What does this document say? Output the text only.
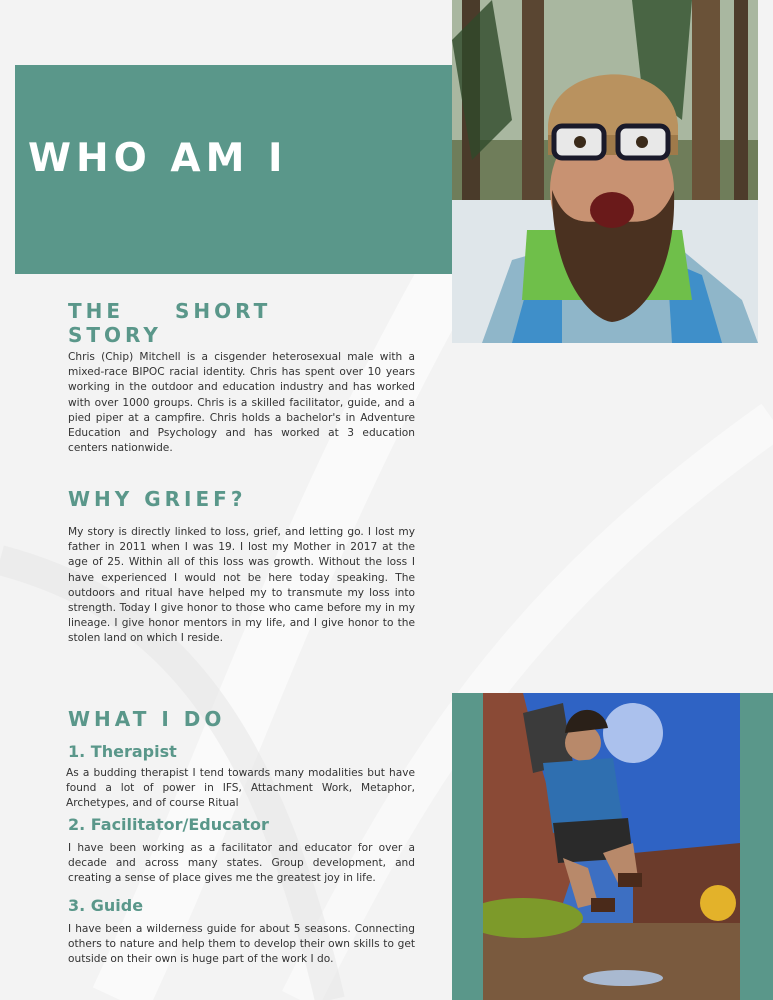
WHO AM I
THE SHORT
STORY

Chris (Chip) Mitchell is a cisgender heterosexual male with a mixed-race BIPOC racial identity. Chris has spent over 10 years working in the outdoor and education industry and has worked with over 1000 groups. Chris is a skilled facilitator, guide, and a pied piper at a campfire. Chris holds a bachelor's in Adventure Education and Psychology and has worked at 3 education centers nationwide.

WHY GRIEF?

My story is directly linked to loss, grief, and letting go. I lost my father in 2011 when I was 19. I lost my Mother in 2017 at the age of 25. Within all of this loss was growth. Without the loss I have experienced I would not be here today speaking. The outdoors and ritual have helped my to transmute my loss into strength. Today I give honor to those who came before my in my lineage. I give honor mentors in my life, and I give honor to the stolen land on which I reside.

WHAT I DO
1. Therapist

As a budding therapist I tend towards many modalities but have found a lot of power in IFS, Attachment Work, Metaphor, Archetypes, and of course Ritual

2. Facilitator/Educator

I have been working as a facilitator and educator for over a decade and across many states. Group development, and creating a sense of place gives me the greatest joy in life.

3. Guide

I have been a wilderness guide for about 5 seasons. Connecting others to nature and help them to develop their own skills to get outside on their own is huge part of the work I do.
